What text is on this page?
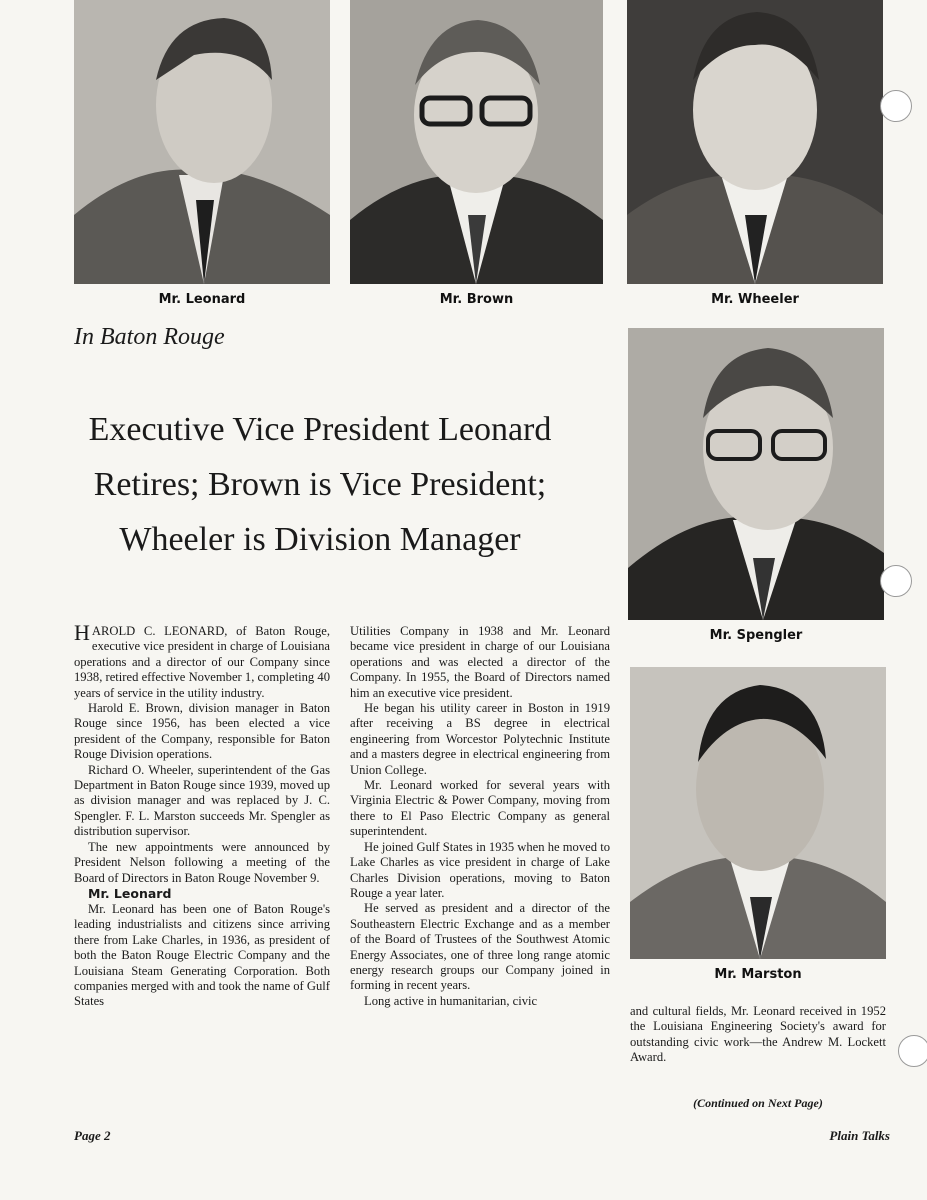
Mr. Leonard	Mr. Brown	Mr. Wheeler
Mr. Spengler
Mr. Marston
In Baton Rouge
Executive Vice President Leonard
Retires; Brown is Vice President;
Wheeler is Division Manager

HAROLD C. LEONARD, of Baton Rouge, executive vice president in charge of Louisiana operations and a director of our Company since 1938, retired effective November 1, completing 40 years of service in the utility industry.

Harold E. Brown, division manager in Baton Rouge since 1956, has been elected a vice president of the Company, responsible for Baton Rouge Division operations.

Richard O. Wheeler, superintendent of the Gas Department in Baton Rouge since 1939, moved up as division manager and was replaced by J. C. Spengler. F. L. Marston succeeds Mr. Spengler as distribution supervisor.

The new appointments were announced by President Nelson following a meeting of the Board of Directors in Baton Rouge November 9.

Mr. Leonard

Mr. Leonard has been one of Baton Rouge's leading industrialists and citizens since arriving there from Lake Charles, in 1936, as president of both the Baton Rouge Electric Company and the Louisiana Steam Generating Corporation. Both companies merged with and took the name of Gulf States

Utilities Company in 1938 and Mr. Leonard became vice president in charge of our Louisiana operations and was elected a director of the Company. In 1955, the Board of Directors named him an executive vice president.

He began his utility career in Boston in 1919 after receiving a BS degree in electrical engineering from Worcestor Polytechnic Institute and a masters degree in electrical engineering from Union College.

Mr. Leonard worked for several years with Virginia Electric & Power Company, moving from there to El Paso Electric Company as general superintendent.

He joined Gulf States in 1935 when he moved to Lake Charles as vice president in charge of Lake Charles Division operations, moving to Baton Rouge a year later.

He served as president and a director of the Southeastern Electric Exchange and as a member of the Board of Trustees of the Southwest Atomic Energy Associates, one of three long range atomic energy research groups our Company joined in forming in recent years.

Long active in humanitarian, civic

and cultural fields, Mr. Leonard received in 1952 the Louisiana Engineering Society's award for outstanding civic work—the Andrew M. Lockett Award.

(Continued on Next Page)
Page 2	Plain Talks
